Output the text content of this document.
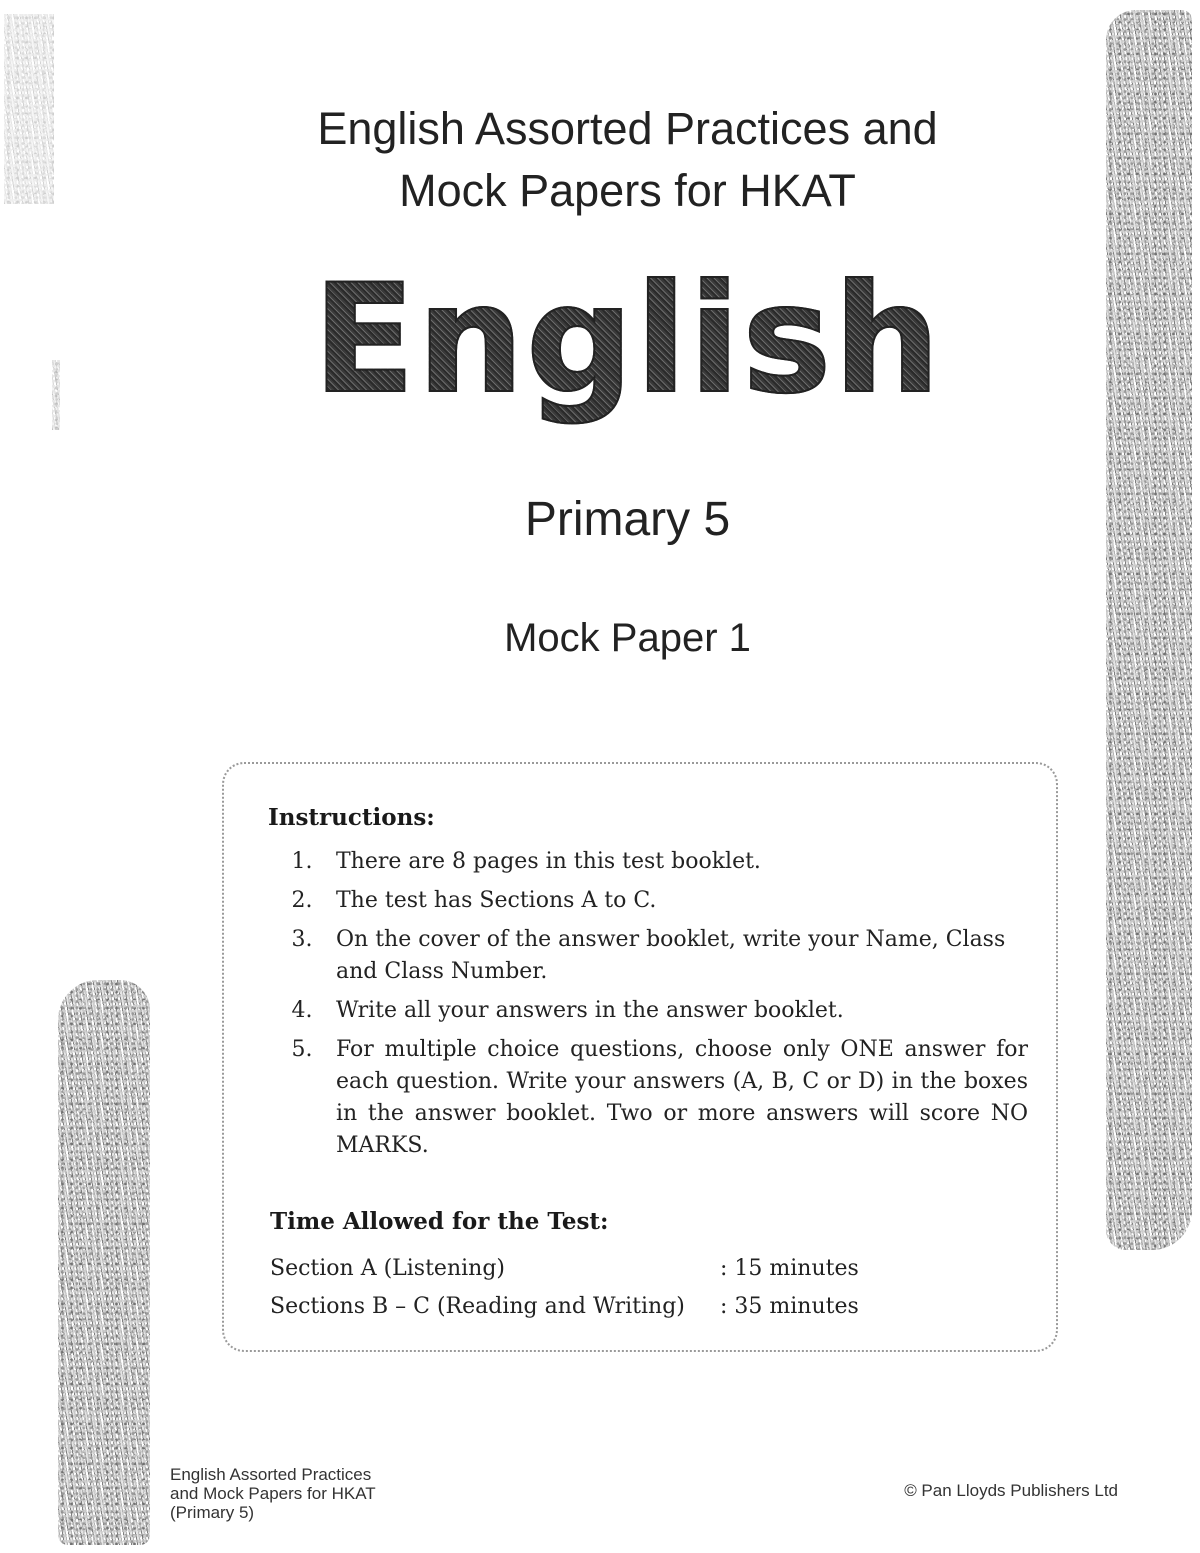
English Assorted Practices and
Mock Papers for HKAT
English
Primary 5
Mock Paper 1

Instructions:

1.	There are 8 pages in this test booklet.
2.	The test has Sections A to C.
3.	On the cover of the answer booklet, write your Name, Class and Class Number.
4.	Write all your answers in the answer booklet.
5.	For multiple choice questions, choose only ONE answer for each question. Write your answers (A, B, C or D) in the boxes in the answer booklet. Two or more answers will score NO MARKS.

Time Allowed for the Test:

Section A (Listening)	: 15 minutes
Sections B – C (Reading and Writing)	: 35 minutes

English Assorted Practices
and Mock Papers for HKAT
(Primary 5)

© Pan Lloyds Publishers Ltd
